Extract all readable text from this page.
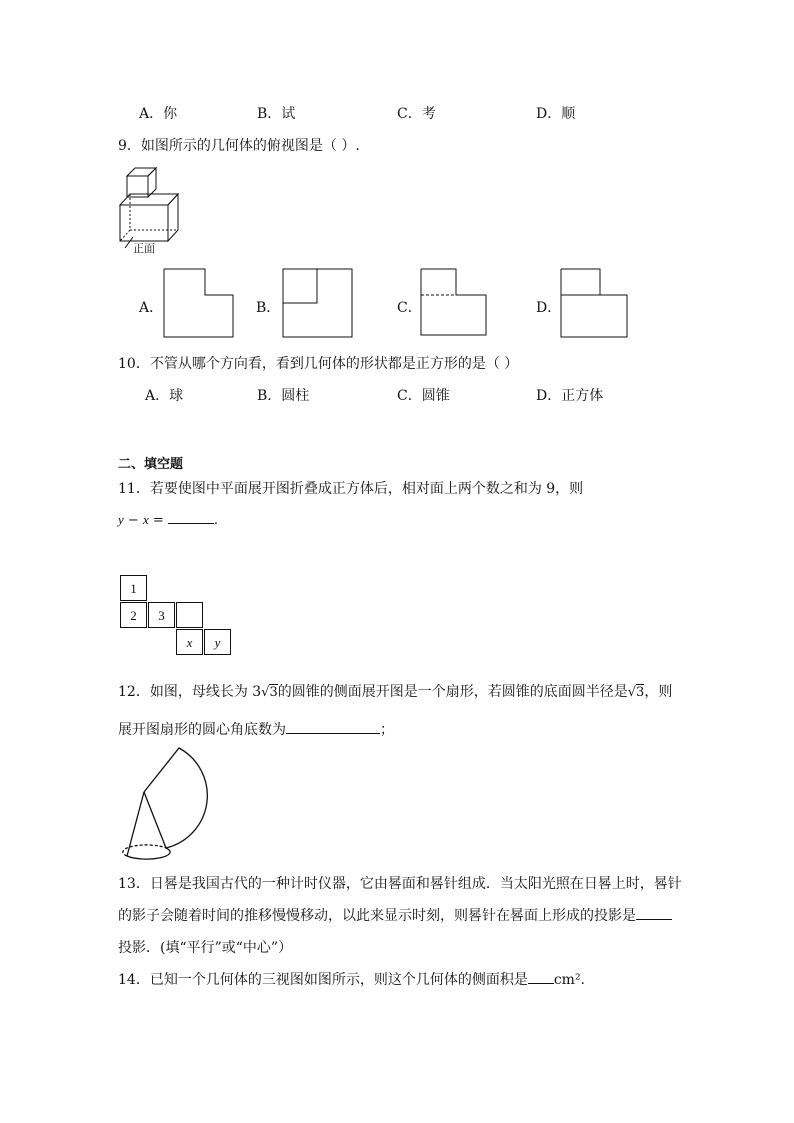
A．你	B．试	C．考	D．顺
9．如图所示的几何体的俯视图是（ ）.
正面
A．	B．	C．	D．
10．不管从哪个方向看，看到几何体的形状都是正方形的是（ ）
A．球	B．圆柱	C．圆锥	D．正方体
二、填空题
11．若要使图中平面展开图折叠成正方体后，相对面上两个数之和为 9，则
y − x =	.
1
2	3
x	y
12．如图，母线长为 3√3的圆锥的侧面展开图是一个扇形，若圆锥的底面圆半径是√3，则
展开图扇形的圆心角底数为	；
13．日晷是我国古代的一种计时仪器，它由晷面和晷针组成．当太阳光照在日晷上时，晷针
的影子会随着时间的推移慢慢移动，以此来显示时刻，则晷针在晷面上形成的投影是
投影．(填“平行”或“中心”）
14．已知一个几何体的三视图如图所示，则这个几何体的侧面积是 cm².
